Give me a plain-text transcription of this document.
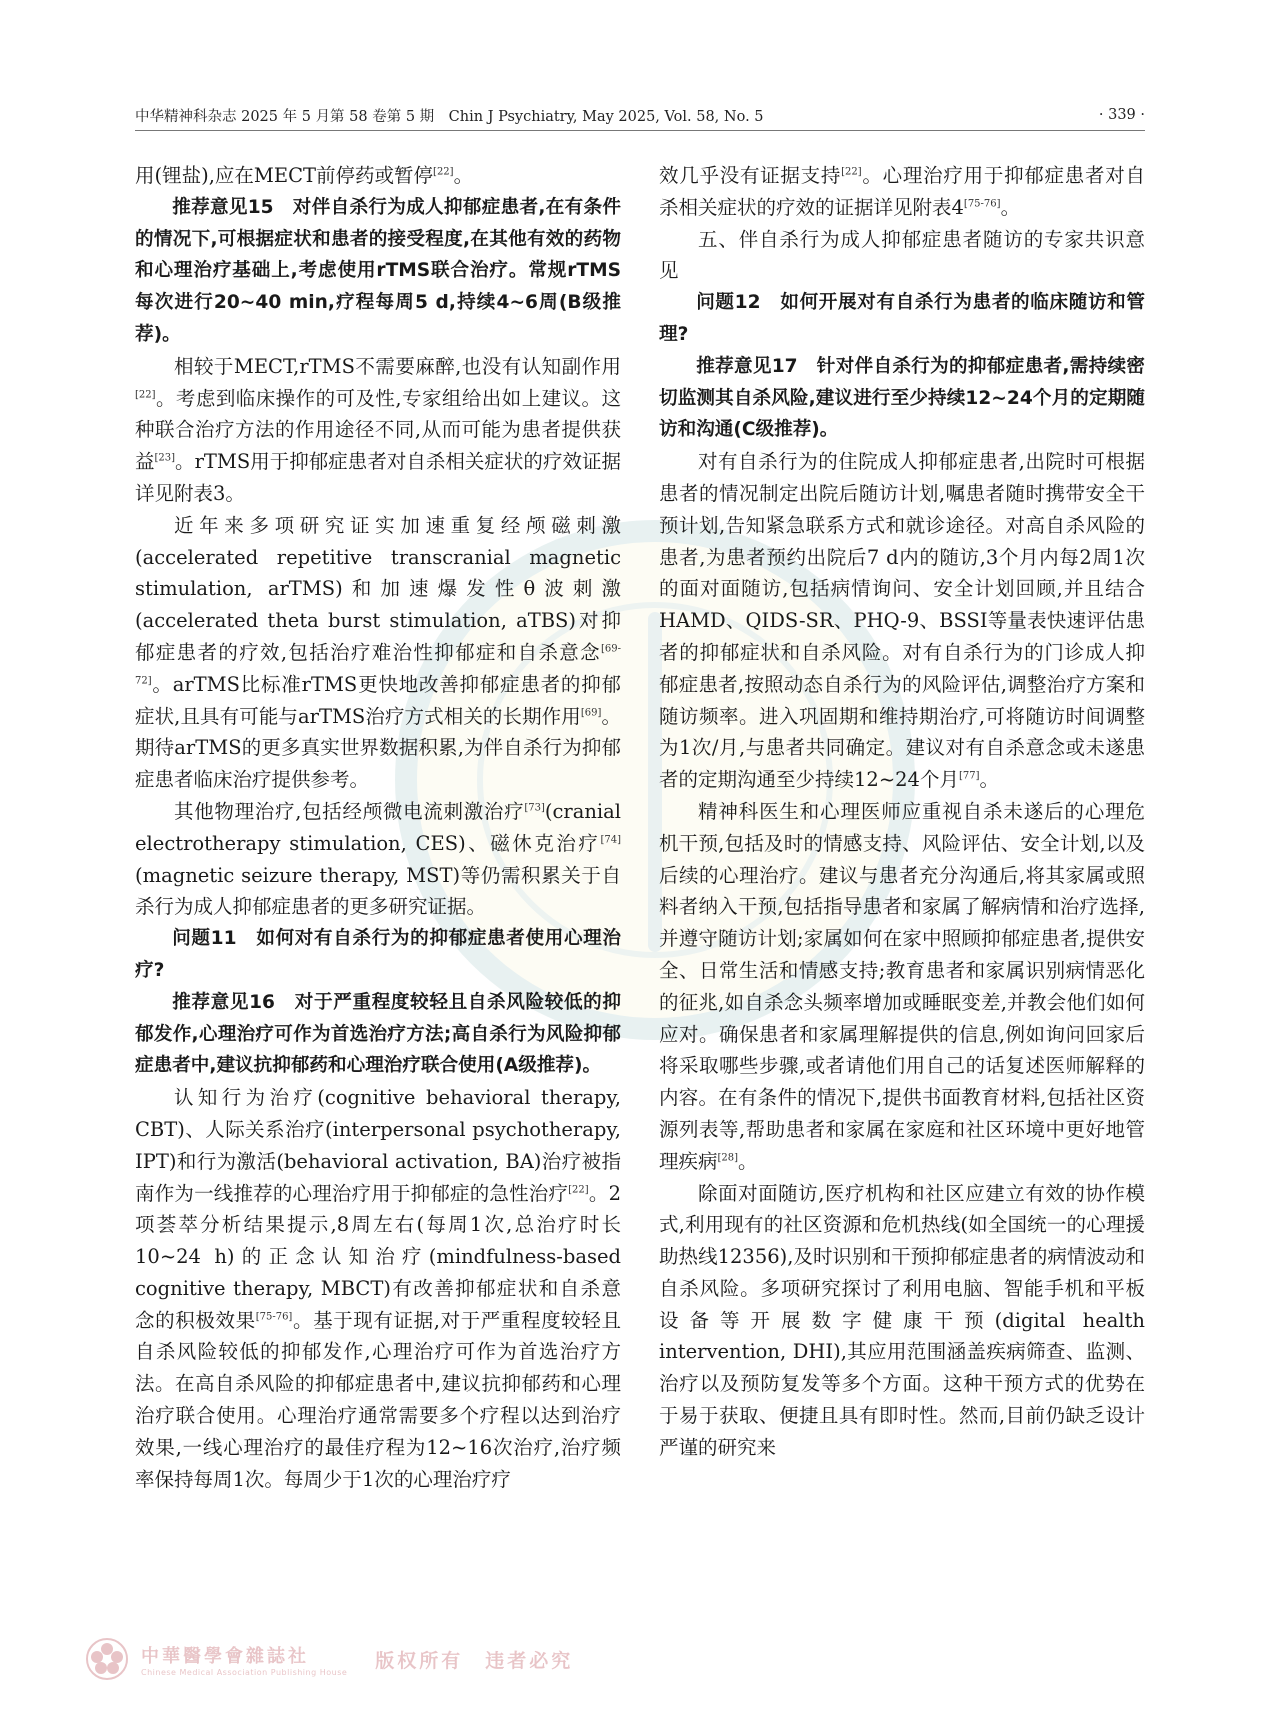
中华精神科杂志 2025 年 5 月第 58 卷第 5 期　Chin J Psychiatry, May 2025, Vol. 58, No. 5	· 339 ·

用(锂盐),应在MECT前停药或暂停[22]。

推荐意见15　对伴自杀行为成人抑郁症患者,在有条件的情况下,可根据症状和患者的接受程度,在其他有效的药物和心理治疗基础上,考虑使用rTMS联合治疗。常规rTMS每次进行20~40 min,疗程每周5 d,持续4~6周(B级推荐)。

相较于MECT,rTMS不需要麻醉,也没有认知副作用[22]。考虑到临床操作的可及性,专家组给出如上建议。这种联合治疗方法的作用途径不同,从而可能为患者提供获益[23]。rTMS用于抑郁症患者对自杀相关症状的疗效证据详见附表3。

近年来多项研究证实加速重复经颅磁刺激(accelerated repetitive transcranial magnetic stimulation, arTMS)和加速爆发性θ波刺激(accelerated theta burst stimulation, aTBS)对抑郁症患者的疗效,包括治疗难治性抑郁症和自杀意念[69-72]。arTMS比标准rTMS更快地改善抑郁症患者的抑郁症状,且具有可能与arTMS治疗方式相关的长期作用[69]。期待arTMS的更多真实世界数据积累,为伴自杀行为抑郁症患者临床治疗提供参考。

其他物理治疗,包括经颅微电流刺激治疗[73](cranial electrotherapy stimulation, CES)、磁休克治疗[74](magnetic seizure therapy, MST)等仍需积累关于自杀行为成人抑郁症患者的更多研究证据。

问题11　如何对有自杀行为的抑郁症患者使用心理治疗?

推荐意见16　对于严重程度较轻且自杀风险较低的抑郁发作,心理治疗可作为首选治疗方法;高自杀行为风险抑郁症患者中,建议抗抑郁药和心理治疗联合使用(A级推荐)。

认知行为治疗(cognitive behavioral therapy, CBT)、人际关系治疗(interpersonal psychotherapy, IPT)和行为激活(behavioral activation, BA)治疗被指南作为一线推荐的心理治疗用于抑郁症的急性治疗[22]。2项荟萃分析结果提示,8周左右(每周1次,总治疗时长10~24 h)的正念认知治疗(mindfulness-based cognitive therapy, MBCT)有改善抑郁症状和自杀意念的积极效果[75-76]。基于现有证据,对于严重程度较轻且自杀风险较低的抑郁发作,心理治疗可作为首选治疗方法。在高自杀风险的抑郁症患者中,建议抗抑郁药和心理治疗联合使用。心理治疗通常需要多个疗程以达到治疗效果,一线心理治疗的最佳疗程为12~16次治疗,治疗频率保持每周1次。每周少于1次的心理治疗疗

效几乎没有证据支持[22]。心理治疗用于抑郁症患者对自杀相关症状的疗效的证据详见附表4[75-76]。

五、伴自杀行为成人抑郁症患者随访的专家共识意见

问题12　如何开展对有自杀行为患者的临床随访和管理?

推荐意见17　针对伴自杀行为的抑郁症患者,需持续密切监测其自杀风险,建议进行至少持续12~24个月的定期随访和沟通(C级推荐)。

对有自杀行为的住院成人抑郁症患者,出院时可根据患者的情况制定出院后随访计划,嘱患者随时携带安全干预计划,告知紧急联系方式和就诊途径。对高自杀风险的患者,为患者预约出院后7 d内的随访,3个月内每2周1次的面对面随访,包括病情询问、安全计划回顾,并且结合HAMD、QIDS-SR、PHQ-9、BSSI等量表快速评估患者的抑郁症状和自杀风险。对有自杀行为的门诊成人抑郁症患者,按照动态自杀行为的风险评估,调整治疗方案和随访频率。进入巩固期和维持期治疗,可将随访时间调整为1次/月,与患者共同确定。建议对有自杀意念或未遂患者的定期沟通至少持续12~24个月[77]。

精神科医生和心理医师应重视自杀未遂后的心理危机干预,包括及时的情感支持、风险评估、安全计划,以及后续的心理治疗。建议与患者充分沟通后,将其家属或照料者纳入干预,包括指导患者和家属了解病情和治疗选择,并遵守随访计划;家属如何在家中照顾抑郁症患者,提供安全、日常生活和情感支持;教育患者和家属识别病情恶化的征兆,如自杀念头频率增加或睡眠变差,并教会他们如何应对。确保患者和家属理解提供的信息,例如询问回家后将采取哪些步骤,或者请他们用自己的话复述医师解释的内容。在有条件的情况下,提供书面教育材料,包括社区资源列表等,帮助患者和家属在家庭和社区环境中更好地管理疾病[28]。

除面对面随访,医疗机构和社区应建立有效的协作模式,利用现有的社区资源和危机热线(如全国统一的心理援助热线12356),及时识别和干预抑郁症患者的病情波动和自杀风险。多项研究探讨了利用电脑、智能手机和平板设备等开展数字健康干预(digital health intervention, DHI),其应用范围涵盖疾病筛查、监测、治疗以及预防复发等多个方面。这种干预方式的优势在于易于获取、便捷且具有即时性。然而,目前仍缺乏设计严谨的研究来

中華醫學會雜誌社
Chinese Medical Association Publishing House
版权所有　违者必究
